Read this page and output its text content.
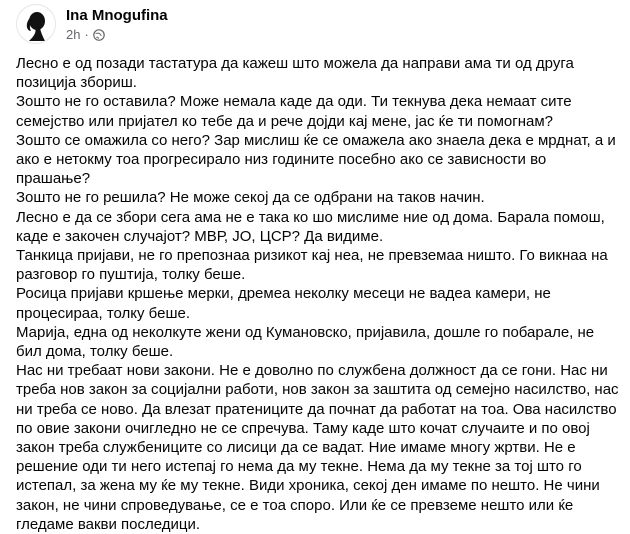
Ina Mnogufina
2h ·

Лесно е од позади тастатура да кажеш што можела да направи ама ти од друга позиција збориш.

Зошто не го оставила? Може немала каде да оди. Ти текнува дека немаат сите семејство или пријател ко тебе да и рече дојди кај мене, јас ќе ти помогнам?

Зошто се омажила со него? Зар мислиш ќе се омажела ако знаела дека е мрднат, а и ако е нетокму тоа прогресирало низ годините посебно ако се зависности во прашање?

Зошто не го решила? Не може секој да се одбрани на таков начин.

Лесно е да се збори сега ама не е така ко шо мислиме ние од дома. Барала помош, каде е закочен случајот? МВР, ЈО, ЦСР? Да видиме.

Танкица пријави, не го препознаа ризикот кај неа, не превземаа ништо. Го викнаа на разговор го пуштија, толку беше.

Росица пријави кршење мерки, дремеа неколку месеци не вадеа камери, не процесираа, толку беше.

Марија, една од неколкуте жени од Кумановско, пријавила, дошле го побарале, не бил дома, толку беше.

Нас ни требаат нови закони. Не е доволно по службена должност да се гони. Нас ни треба нов закон за социјални работи, нов закон за заштита од семејно насилство, нас ни треба се ново. Да влезат пратениците да почнат да работат на тоа. Ова насилство по овие закони очигледно не се спречува. Таму каде што кочат случаите и по овој закон треба службениците со лисици да се вадат. Ние имаме многу жртви. Не е решение оди ти него истепај го нема да му текне. Нема да му текне за тој што го истепал, за жена му ќе му текне. Види хроника, секој ден имаме по нешто. Не чини закон, не чини спроведување, се е тоа споро. Или ќе се превземе нешто или ќе гледаме вакви последици.
